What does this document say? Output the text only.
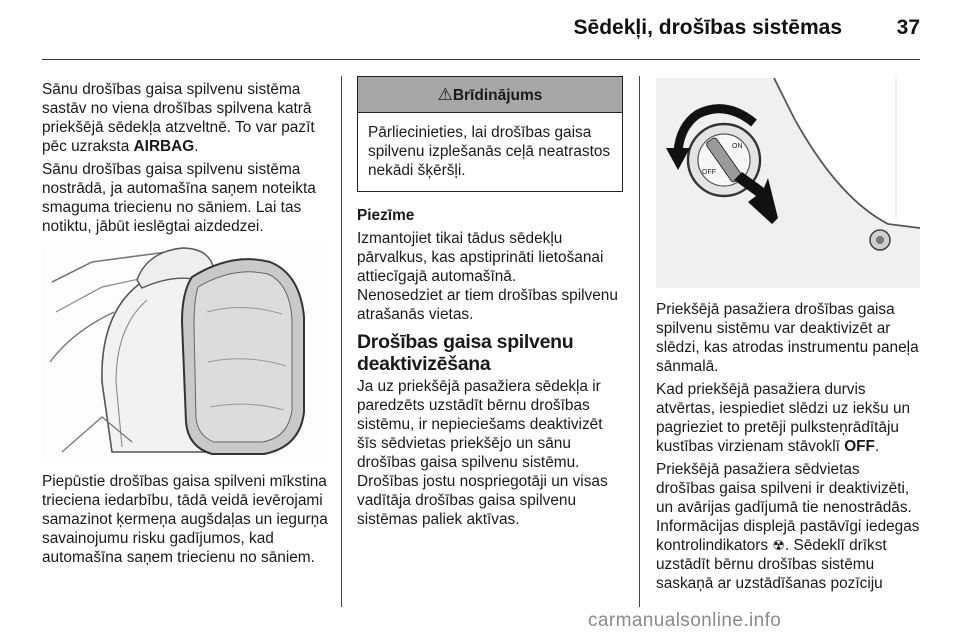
Sēdekļi, drošības sistēmas	37

Sānu drošības gaisa spilvenu sistēma sastāv no viena drošības spilvena katrā priekšējā sēdekļa atzveltnē. To var pazīt pēc uzraksta AIRBAG.

Sānu drošības gaisa spilvenu sistēma nostrādā, ja automašīna saņem noteikta smaguma triecienu no sāniem. Lai tas notiktu, jābūt ieslēgtai aizdedzei.

Piepūstie drošības gaisa spilveni mīkstina trieciena iedarbību, tādā veidā ievērojami samazinot ķermeņa augšdaļas un iegurņa savainojumu risku gadījumos, kad automašīna saņem triecienu no sāniem.

⚠Brīdinājums
Pārliecinieties, lai drošības gaisa spilvenu izplešanās ceļā neatrastos nekādi šķēršļi.

Piezīme

Izmantojiet tikai tādus sēdekļu pārvalkus, kas apstiprināti lietošanai attiecīgajā automašīnā.

Nenosedziet ar tiem drošības spilvenu atrašanās vietas.

Drošības gaisa spilvenu deaktivizēšana

Ja uz priekšējā pasažiera sēdekļa ir paredzēts uzstādīt bērnu drošības sistēmu, ir nepieciešams deaktivizēt šīs sēdvietas priekšējo un sānu drošības gaisa spilvenu sistēmu. Drošības jostu nospriegotāji un visas vadītāja drošības gaisa spilvenu sistēmas paliek aktīvas.

ON
OFF

Priekšējā pasažiera drošības gaisa spilvenu sistēmu var deaktivizēt ar slēdzi, kas atrodas instrumentu paneļa sānmalā.

Kad priekšējā pasažiera durvis atvērtas, iespiediet slēdzi uz iekšu un pagrieziet to pretēji pulksteņrādītāju kustības virzienam stāvoklī OFF.

Priekšējā pasažiera sēdvietas drošības gaisa spilveni ir deaktivizēti, un avārijas gadījumā tie nenostrādās. Informācijas displejā pastāvīgi iedegas kontrolindikators ☢. Sēdeklī drīkst uzstādīt bērnu drošības sistēmu saskaņā ar uzstādīšanas pozīciju

carmanualsonline.info
